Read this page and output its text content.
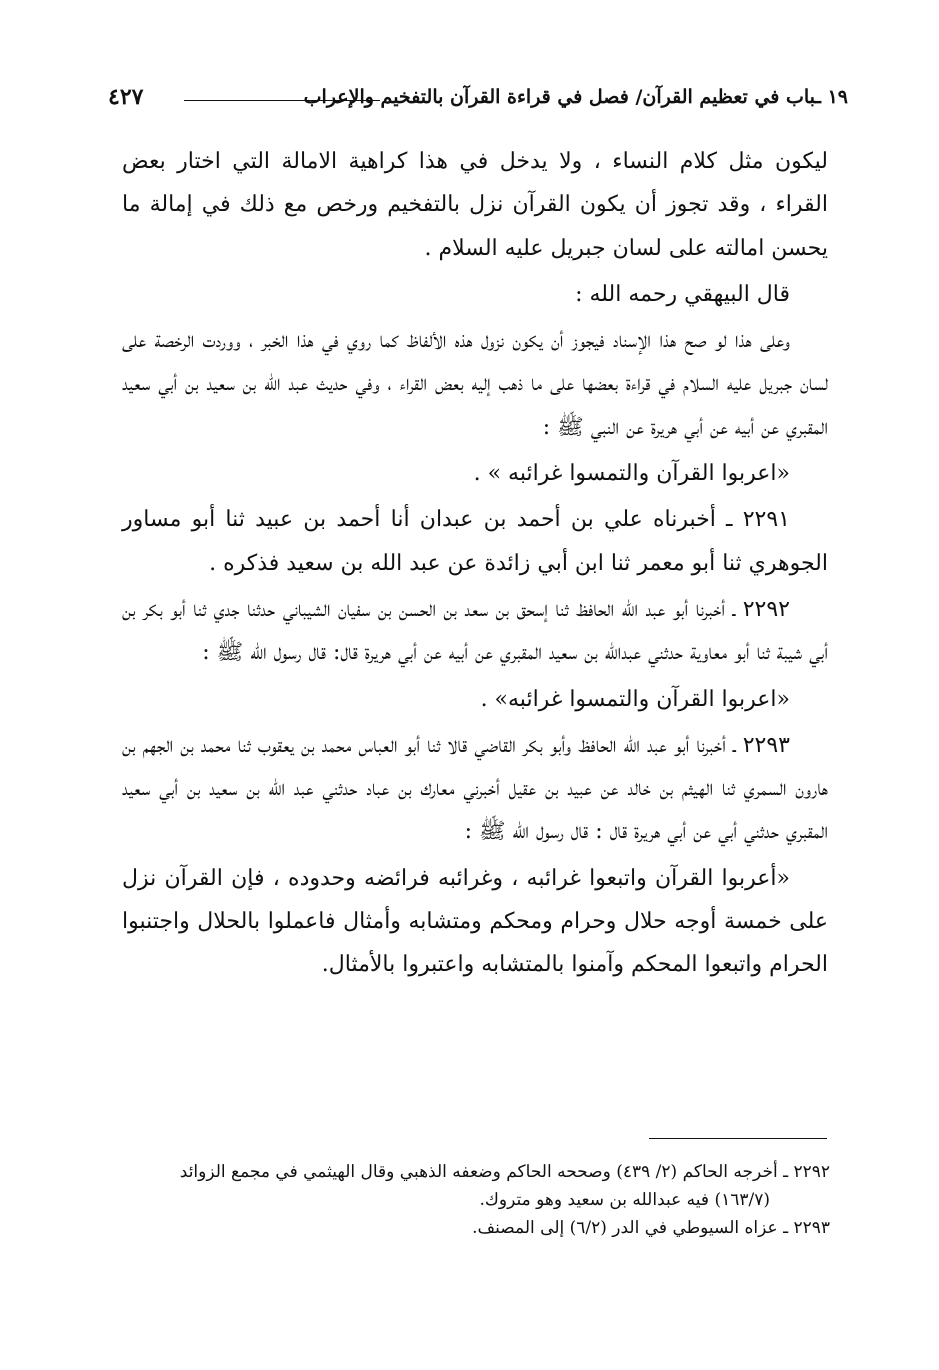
١٩ ـباب في تعظيم القرآن/ فصل في قراءة القرآن بالتفخيم والإعراب
٤٢٧

ليكون مثل كلام النساء ، ولا يدخل في هذا كراهية الامالة التي اختار بعض القراء ، وقد تجوز أن يكون القرآن نزل بالتفخيم ورخص مع ذلك في إمالة ما يحسن امالته على لسان جبريل عليه السلام .

قال البيهقي رحمه الله :

وعلى هذا لو صح هذا الإسناد فيجوز أن يكون نزول هذه الألفاظ كما روي في هذا الخبر ، ووردت الرخصة على لسان جبريل عليه السلام في قراءة بعضها على ما ذهب إليه بعض القراء ، وفي حديث عبد الله بن سعيد بن أبي سعيد المقبري عن أبيه عن أبي هريرة عن النبي ﷺ :

«اعربوا القرآن والتمسوا غرائبه » .

٢٢٩١ ـ أخبرناه علي بن أحمد بن عبدان أنا أحمد بن عبيد ثنا أبو مساور الجوهري ثنا أبو معمر ثنا ابن أبي زائدة عن عبد الله بن سعيد فذكره .

٢٢٩٢ ـ أخبرنا أبو عبد الله الحافظ ثنا إسحق بن سعد بن الحسن بن سفيان الشيباني حدثنا جدي ثنا أبو بكر بن أبي شيبة ثنا أبو معاوية حدثني عبدالله بن سعيد المقبري عن أبيه عن أبي هريرة قال: قال رسول الله ﷺ :

«اعربوا القرآن والتمسوا غرائبه» .

٢٢٩٣ ـ أخبرنا أبو عبد الله الحافظ وأبو بكر القاضي قالا ثنا أبو العباس محمد بن يعقوب ثنا محمد بن الجهم بن هارون السمري ثنا الهيثم بن خالد عن عبيد بن عقيل أخبرني معارك بن عباد حدثني عبد الله بن سعيد بن أبي سعيد المقبري حدثني أبي عن أبي هريرة قال : قال رسول الله ﷺ :

«أعربوا القرآن واتبعوا غرائبه ، وغرائبه فرائضه وحدوده ، فإن القرآن نزل على خمسة أوجه حلال وحرام ومحكم ومتشابه وأمثال فاعملوا بالحلال واجتنبوا الحرام واتبعوا المحكم وآمنوا بالمتشابه واعتبروا بالأمثال.

٢٢٩٢ ـ أخرجه الحاكم (٢/ ٤٣٩) وصححه الحاكم وضعفه الذهبي وقال الهيثمي في مجمع الزوائد

(١٦٣/٧) فيه عبدالله بن سعيد وهو متروك.

٢٢٩٣ ـ عزاه السيوطي في الدر (٦/٢) إلى المصنف.
